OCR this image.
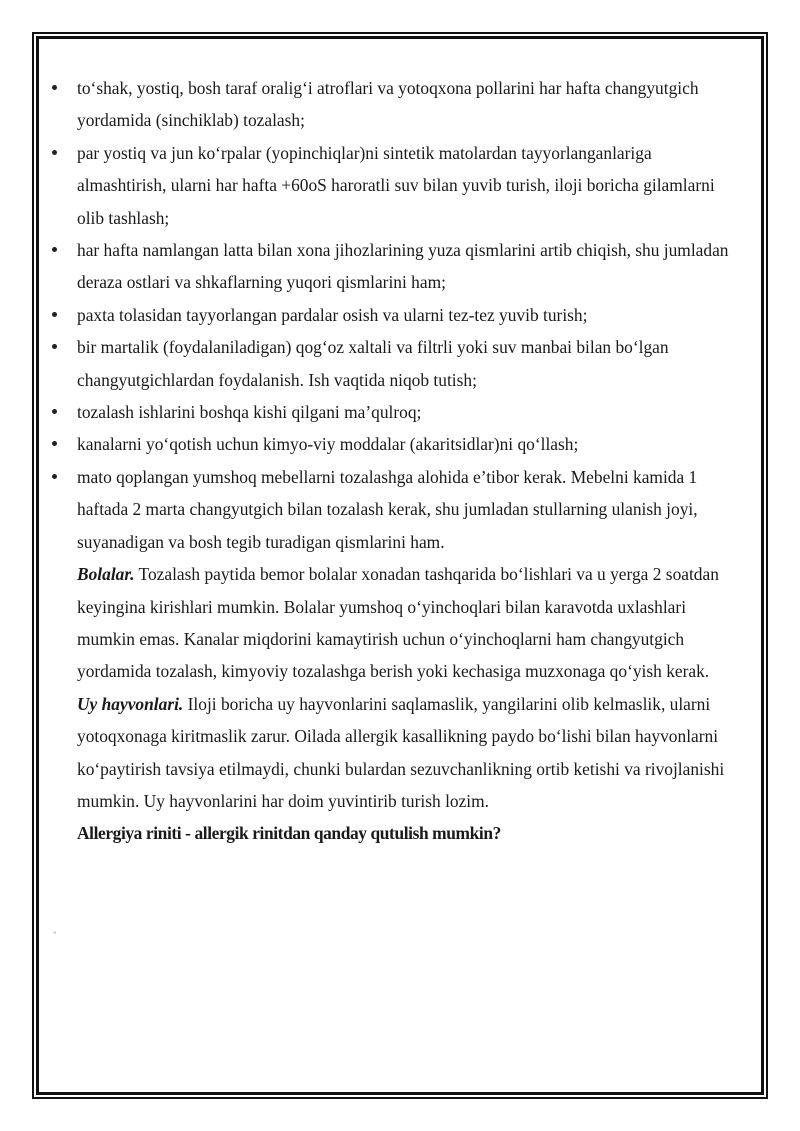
to‘shak, yostiq, bosh taraf oralig‘i atroflari va yotoqxona pollarini har hafta changyutgich yordamida (sinchiklab) tozalash;
par yostiq va jun ko‘rpalar (yopinchiqlar)ni sintetik matolardan tayyorlanganlariga almashtirish, ularni har hafta +60oS haroratli suv bilan yuvib turish, iloji boricha gilamlarni olib tashlash;
har hafta namlangan latta bilan xona jihozlarining yuza qismlarini artib chiqish, shu jumladan deraza ostlari va shkaflarning yuqori qismlarini ham;
paxta tolasidan tayyorlangan pardalar osish va ularni tez-tez yuvib turish;
bir martalik (foydalaniladigan) qog‘oz xaltali va filtrli yoki suv manbai bilan bo‘lgan changyutgichlardan foydalanish. Ish vaqtida niqob tutish;
tozalash ishlarini boshqa kishi qilgani ma’qulroq;
kanalarni yo‘qotish uchun kimyo-viy moddalar (akaritsidlar)ni qo‘llash;
mato qoplangan yumshoq mebellarni tozalashga alohida e’tibor kerak. Mebelni kamida 1 haftada 2 marta changyutgich bilan tozalash kerak, shu jumladan stullarning ulanish joyi, suyanadigan va bosh tegib turadigan qismlarini ham.
Bolalar. Tozalash paytida bemor bolalar xonadan tashqarida bo‘lishlari va u yerga 2 soatdan keyingina kirishlari mumkin. Bolalar yumshoq o‘yinchoqlari bilan karavotda uxlashlari mumkin emas. Kanalar miqdorini kamaytirish uchun o‘yinchoqlarni ham changyutgich yordamida tozalash, kimyoviy tozalashga berish yoki kechasiga muzxonaga qo‘yish kerak.
Uy hayvonlari. Iloji boricha uy hayvonlarini saqlamaslik, yangilarini olib kelmaslik, ularni yotoqxonaga kiritmaslik zarur. Oilada allergik kasallikning paydo bo‘lishi bilan hayvonlarni ko‘paytirish tavsiya etilmaydi, chunki bulardan sezuvchanlikning ortib ketishi va rivojlanishi mumkin. Uy hayvonlarini har doim yuvintirib turish lozim.
Allergiya riniti - allergik rinitdan qanday qutulish mumkin?
"
